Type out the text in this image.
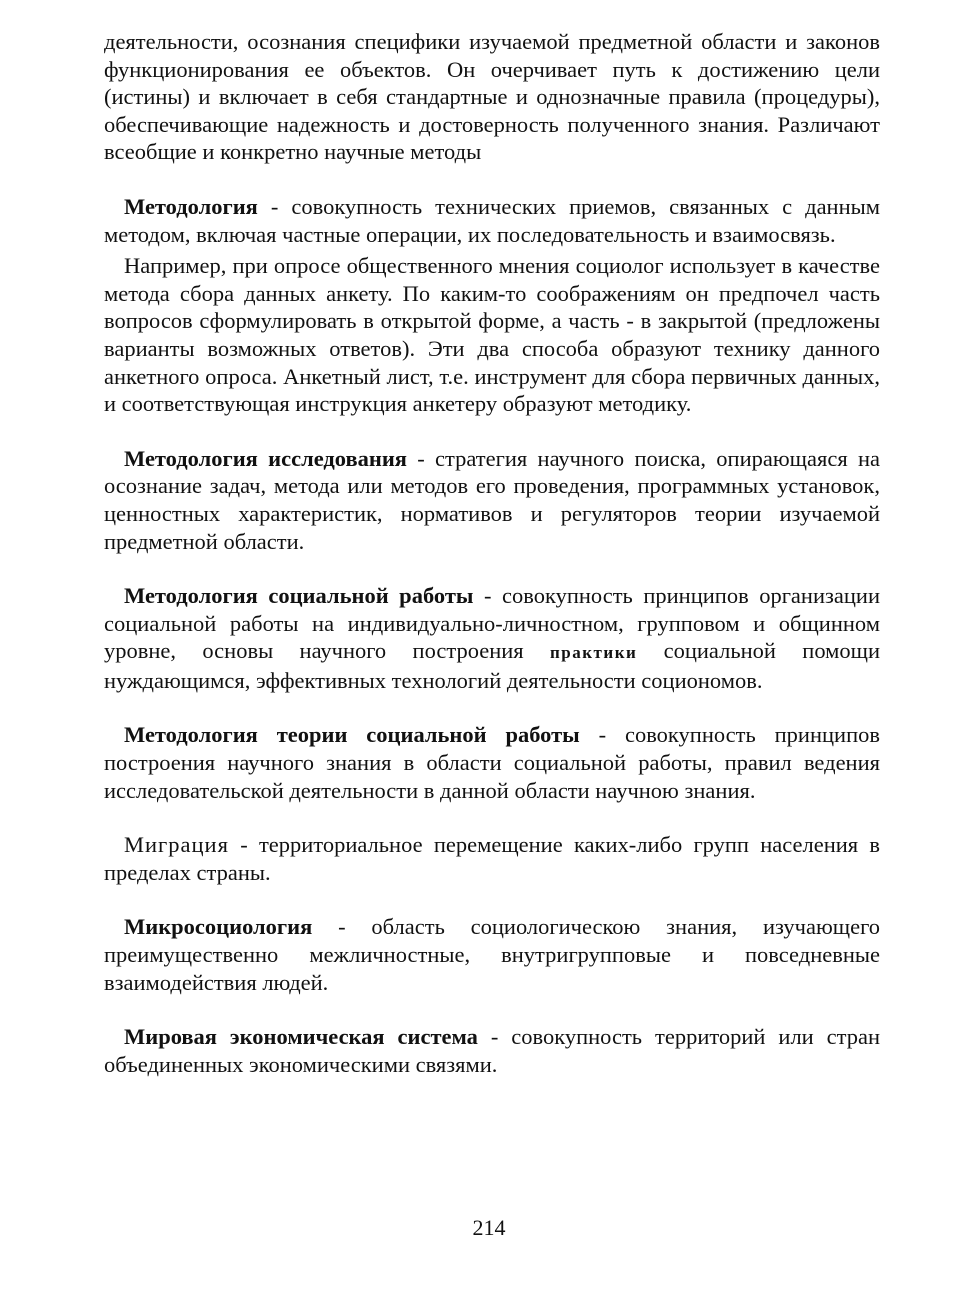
деятельности, осознания специфики изучаемой предметной области и законов функционирования ее объектов. Он очерчивает путь к достижению цели (истины) и включает в себя стандартные и однозначные правила (процедуры), обеспечивающие надежность и достоверность полученного знания. Различают всеобщие и конкретно научные методы

Методология - совокупность технических приемов, связанных с данным методом, включая частные операции, их последовательность и взаимосвязь.

Например, при опросе общественного мнения социолог использует в качестве метода сбора данных анкету. По каким-то соображениям он предпочел часть вопросов сформулировать в открытой форме, а часть - в закрытой (предложены варианты возможных ответов). Эти два способа образуют технику данного анкетного опроса. Анкетный лист, т.е. инструмент для сбора первичных данных, и соответствующая инструкция анкетеру образуют методику.

Методология исследования - стратегия научного поиска, опирающаяся на осознание задач, метода или методов его проведения, программных установок, ценностных характеристик, нормативов и регуляторов теории изучаемой предметной области.

Методология социальной работы - совокупность принципов организации социальной работы на индивидуально-личностном, групповом и общинном уровне, основы научного построения практики социальной помощи нуждающимся, эффективных технологий деятельности социономов.

Методология теории социальной работы - совокупность принципов построения научного знания в области социальной работы, правил ведения исследовательской деятельности в данной области научною знания.

Миграция - территориальное перемещение каких-либо групп населения в пределах страны.

Микросоциология - область социологическою знания, изучающего преимущественно межличностные, внутригрупповые и повседневные взаимодействия людей.

Мировая экономическая система - совокупность территорий или стран объединенных экономическими связями.

214
